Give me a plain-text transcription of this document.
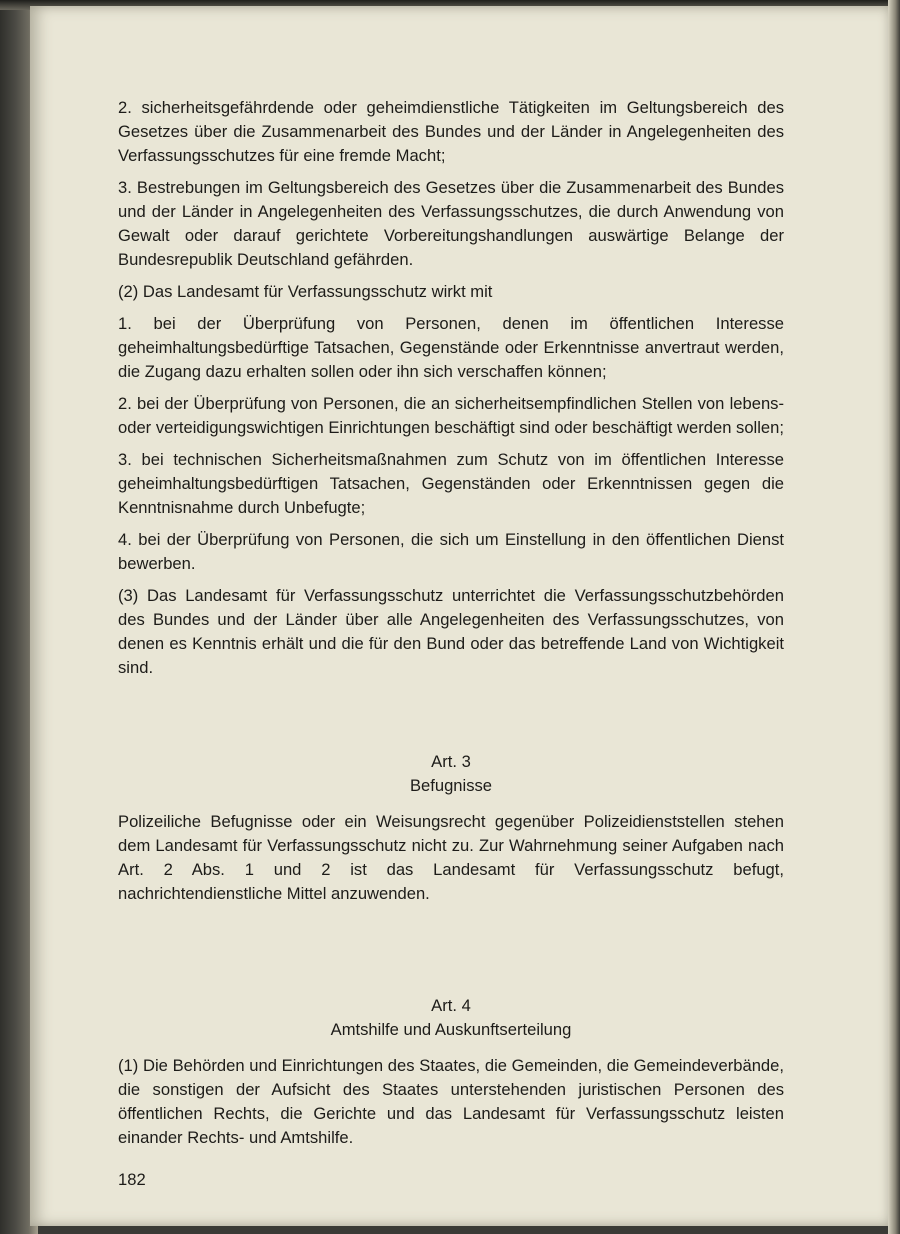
2. sicherheitsgefährdende oder geheimdienstliche Tätigkeiten im Geltungsbereich des Gesetzes über die Zusammenarbeit des Bundes und der Länder in Angelegenheiten des Verfassungsschutzes für eine fremde Macht;

3. Bestrebungen im Geltungsbereich des Gesetzes über die Zusammenarbeit des Bundes und der Länder in Angelegenheiten des Verfassungsschutzes, die durch Anwendung von Gewalt oder darauf gerichtete Vorbereitungshandlungen auswärtige Belange der Bundesrepublik Deutschland gefährden.

(2) Das Landesamt für Verfassungsschutz wirkt mit

1. bei der Überprüfung von Personen, denen im öffentlichen Interesse geheimhaltungsbedürftige Tatsachen, Gegenstände oder Erkenntnisse anvertraut werden, die Zugang dazu erhalten sollen oder ihn sich verschaffen können;

2. bei der Überprüfung von Personen, die an sicherheitsempfindlichen Stellen von lebens- oder verteidigungswichtigen Einrichtungen beschäftigt sind oder beschäftigt werden sollen;

3. bei technischen Sicherheitsmaßnahmen zum Schutz von im öffentlichen Interesse geheimhaltungsbedürftigen Tatsachen, Gegenständen oder Erkenntnissen gegen die Kenntnisnahme durch Unbefugte;

4. bei der Überprüfung von Personen, die sich um Einstellung in den öffentlichen Dienst bewerben.

(3) Das Landesamt für Verfassungsschutz unterrichtet die Verfassungsschutzbehörden des Bundes und der Länder über alle Angelegenheiten des Verfassungsschutzes, von denen es Kenntnis erhält und die für den Bund oder das betreffende Land von Wichtigkeit sind.

Art. 3
Befugnisse

Polizeiliche Befugnisse oder ein Weisungsrecht gegenüber Polizeidienststellen stehen dem Landesamt für Verfassungsschutz nicht zu. Zur Wahrnehmung seiner Aufgaben nach Art. 2 Abs. 1 und 2 ist das Landesamt für Verfassungsschutz befugt, nachrichtendienstliche Mittel anzuwenden.

Art. 4
Amtshilfe und Auskunftserteilung

(1) Die Behörden und Einrichtungen des Staates, die Gemeinden, die Gemeindeverbände, die sonstigen der Aufsicht des Staates unterstehenden juristischen Personen des öffentlichen Rechts, die Gerichte und das Landesamt für Verfassungsschutz leisten einander Rechts- und Amtshilfe.

182
